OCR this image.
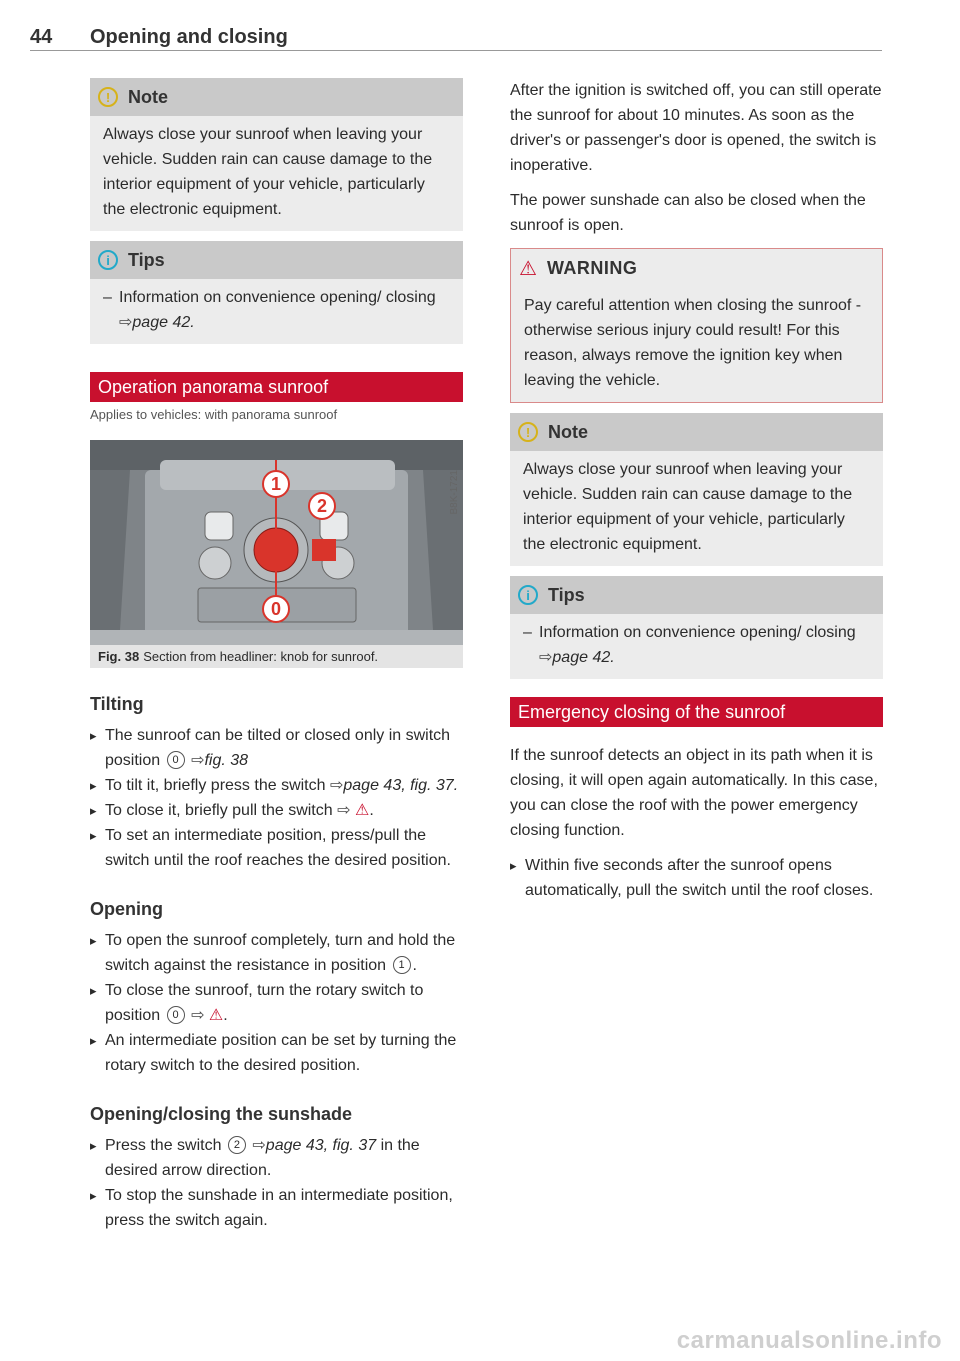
44 Opening and closing
! Note
Always close your sunroof when leaving your vehicle. Sudden rain can cause damage to the interior equipment of your vehicle, particularly the electronic equipment.
i	Tips
– Information on convenience opening/ closing ⇨page 42.
Operation panorama sunroof
Applies to vehicles: with panorama sunroof
1
2
0
B8K-1721
Fig. 38 Section from headliner: knob for sunroof.
Tilting
▸ The sunroof can be tilted or closed only in switch position 0 ⇨fig. 38
▸ To tilt it, briefly press the switch ⇨page 43, fig. 37.
▸ To close it, briefly pull the switch ⇨ ⚠.
▸ To set an intermediate position, press/pull the switch until the roof reaches the desired position.
Opening
▸ To open the sunroof completely, turn and hold the switch against the resistance in position 1 .
▸ To close the sunroof, turn the rotary switch to position 0 ⇨ ⚠.
▸ An intermediate position can be set by turning the rotary switch to the desired position.
Opening/closing the sunshade
▸ Press the switch 2 ⇨page 43, fig. 37 in the desired arrow direction.
▸ To stop the sunshade in an intermediate position, press the switch again.

After the ignition is switched off, you can still operate the sunroof for about 10 minutes. As soon as the driver's or passenger's door is opened, the switch is inoperative.

The power sunshade can also be closed when the sunroof is open.

⚠ WARNING
Pay careful attention when closing the sunroof - otherwise serious injury could result! For this reason, always remove the ignition key when leaving the vehicle.
! Note
Always close your sunroof when leaving your vehicle. Sudden rain can cause damage to the interior equipment of your vehicle, particularly the electronic equipment.
i	Tips
– Information on convenience opening/ closing ⇨page 42.
Emergency closing of the sunroof

If the sunroof detects an object in its path when it is closing, it will open again automatically. In this case, you can close the roof with the power emergency closing function.

▸ Within five seconds after the sunroof opens automatically, pull the switch until the roof closes.
carmanualsonline.info
